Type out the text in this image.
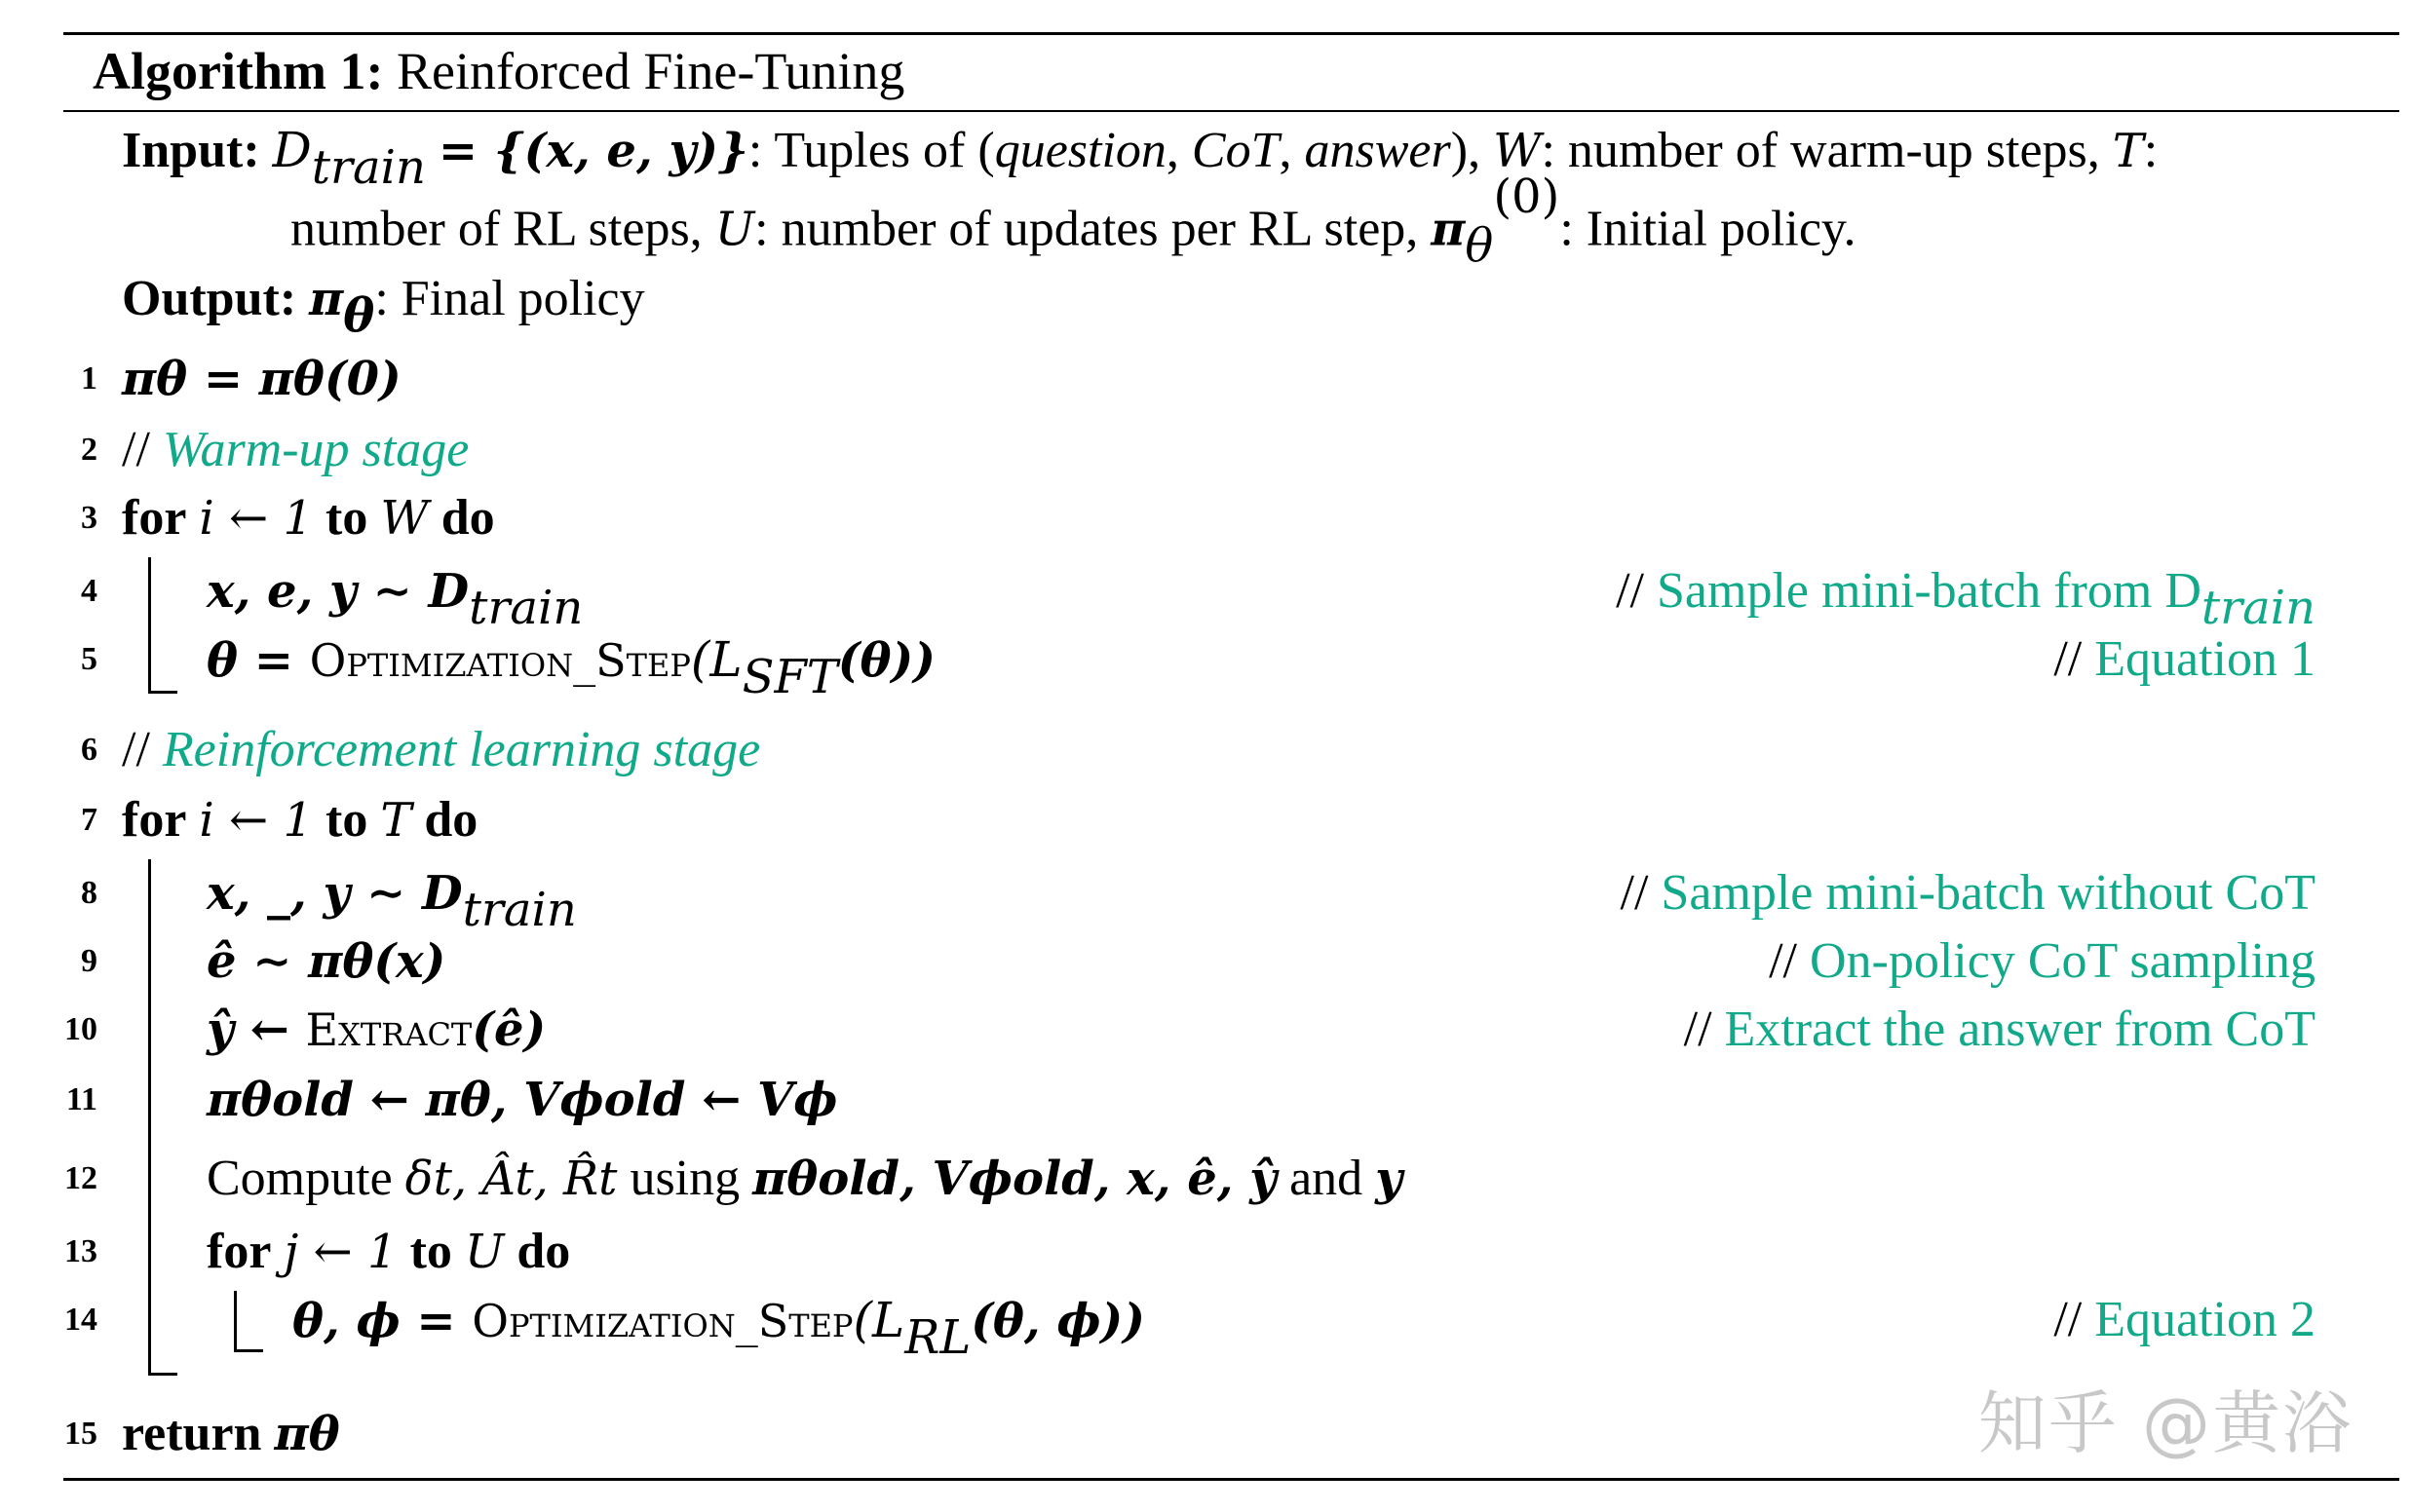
Algorithm 1: Reinforced Fine-Tuning
Input: $D_{train} = \{(x$, e, y)}: Tuples of (question, CoT, answer), W: number of warm-up steps, T:
number of RL steps, U: number of updates per RL step, $\pi_\theta^{(0)}$: Initial policy.
Output: $\pi_\theta$: Final policy
1 πθ = πθ(0)
2 // Warm-up stage
3 for i ← 1 to W do
4 x, e, y ∼ $D_{train}$	// Sample mini-batch from $D_{train}$
5 $\theta = Optimization\_Step(L_{SFT}(\theta))$	// Equation 1
6 // Reinforcement learning stage
7 for i ← 1 to T do
8 x, _, y ∼ $D_{train}$	// Sample mini-batch without CoT
9 ê ∼ πθ(x)	// On-policy CoT sampling
10 ŷ ← Extract(ê)	// Extract the answer from CoT
11 πθold ← πθ, Vϕold ← Vϕ
12 Compute δt, Ât, R̂t using πθold, Vϕold, x, ê, ŷ and y
13 for j ← 1 to U do
14	θ, $\phi = Optimization\_Step(L_{RL}(\theta$, ϕ))	// Equation 2
15 return πθ	知乎 @黄浴
